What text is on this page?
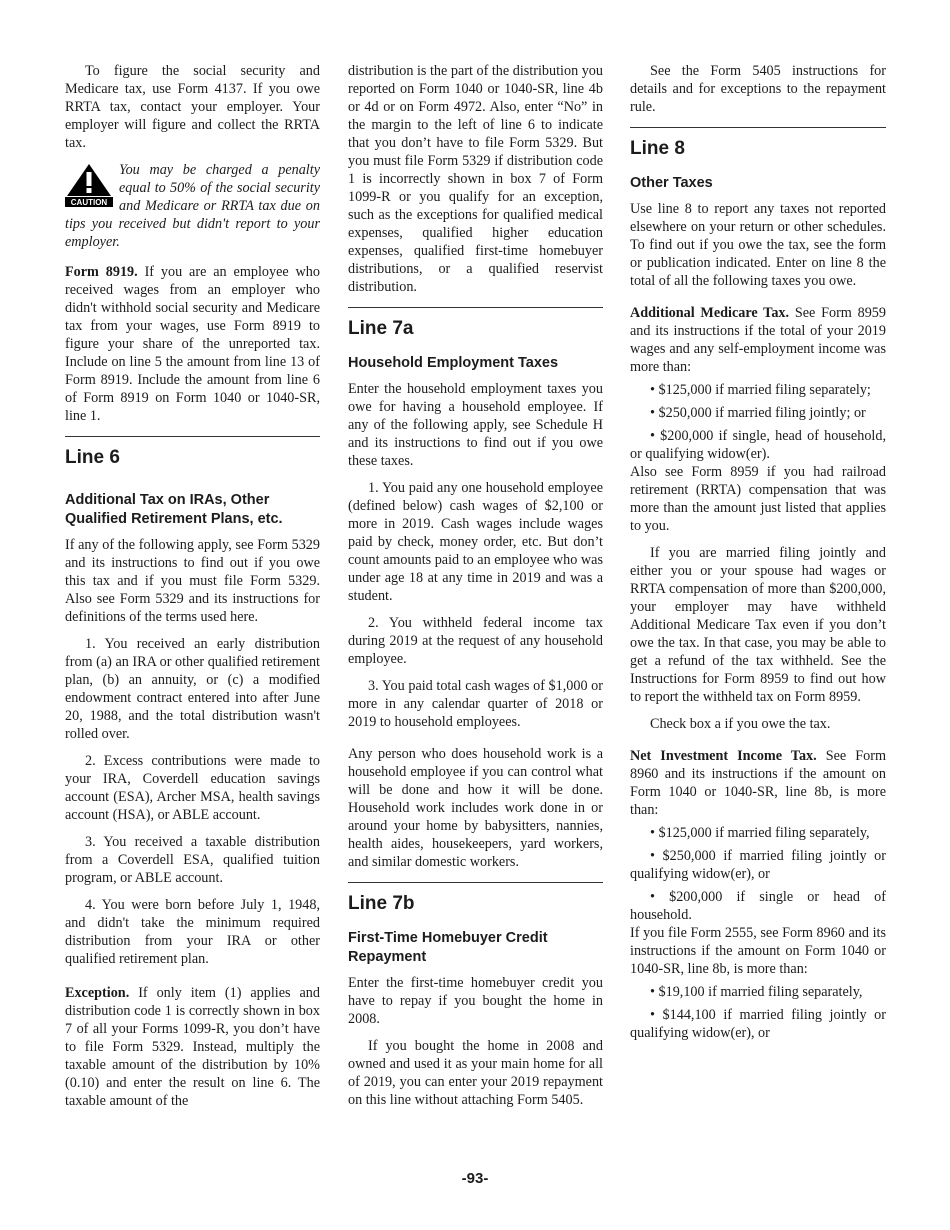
To figure the social security and Medicare tax, use Form 4137. If you owe RRTA tax, contact your employer. Your employer will figure and collect the RRTA tax.

CAUTION

You may be charged a penalty equal to 50% of the social security and Medicare or RRTA tax due on tips you received but didn't report to your employer.

Form 8919. If you are an employee who received wages from an employer who didn't withhold social security and Medicare tax from your wages, use Form 8919 to figure your share of the unreported tax. Include on line 5 the amount from line 13 of Form 8919. Include the amount from line 6 of Form 8919 on Form 1040 or 1040-SR, line 1.

Line 6
Additional Tax on IRAs, Other Qualified Retirement Plans, etc.

If any of the following apply, see Form 5329 and its instructions to find out if you owe this tax and if you must file Form 5329. Also see Form 5329 and its instructions for definitions of the terms used here.

1. You received an early distribution from (a) an IRA or other qualified retirement plan, (b) an annuity, or (c) a modified endowment contract entered into after June 20, 1988, and the total distribution wasn't rolled over.

2. Excess contributions were made to your IRA, Coverdell education savings account (ESA), Archer MSA, health savings account (HSA), or ABLE account.

3. You received a taxable distribution from a Coverdell ESA, qualified tuition program, or ABLE account.

4. You were born before July 1, 1948, and didn't take the minimum required distribution from your IRA or other qualified retirement plan.

Exception. If only item (1) applies and distribution code 1 is correctly shown in box 7 of all your Forms 1099-R, you don’t have to file Form 5329. Instead, multiply the taxable amount of the distribution by 10% (0.10) and enter the result on line 6. The taxable amount of the

distribution is the part of the distribution you reported on Form 1040 or 1040-SR, line 4b or 4d or on Form 4972. Also, enter “No” in the margin to the left of line 6 to indicate that you don’t have to file Form 5329. But you must file Form 5329 if distribution code 1 is incorrectly shown in box 7 of Form 1099-R or you qualify for an exception, such as the exceptions for qualified medical expenses, qualified higher education expenses, qualified first-time homebuyer distributions, or a qualified reservist distribution.

Line 7a
Household Employment Taxes

Enter the household employment taxes you owe for having a household employee. If any of the following apply, see Schedule H and its instructions to find out if you owe these taxes.

1. You paid any one household employee (defined below) cash wages of $2,100 or more in 2019. Cash wages include wages paid by check, money order, etc. But don’t count amounts paid to an employee who was under age 18 at any time in 2019 and was a student.

2. You withheld federal income tax during 2019 at the request of any household employee.

3. You paid total cash wages of $1,000 or more in any calendar quarter of 2018 or 2019 to household employees.

Any person who does household work is a household employee if you can control what will be done and how it will be done. Household work includes work done in or around your home by babysitters, nannies, health aides, housekeepers, yard workers, and similar domestic workers.

Line 7b
First-Time Homebuyer Credit Repayment

Enter the first-time homebuyer credit you have to repay if you bought the home in 2008.

If you bought the home in 2008 and owned and used it as your main home for all of 2019, you can enter your 2019 repayment on this line without attaching Form 5405.

See the Form 5405 instructions for details and for exceptions to the repayment rule.

Line 8
Other Taxes

Use line 8 to report any taxes not reported elsewhere on your return or other schedules. To find out if you owe the tax, see the form or publication indicated. Enter on line 8 the total of all the following taxes you owe.

Additional Medicare Tax. See Form 8959 and its instructions if the total of your 2019 wages and any self-employment income was more than:

• $125,000 if married filing separately;

• $250,000 if married filing jointly; or

• $200,000 if single, head of household, or qualifying widow(er).

Also see Form 8959 if you had railroad retirement (RRTA) compensation that was more than the amount just listed that applies to you.

If you are married filing jointly and either you or your spouse had wages or RRTA compensation of more than $200,000, your employer may have withheld Additional Medicare Tax even if you don’t owe the tax. In that case, you may be able to get a refund of the tax withheld. See the Instructions for Form 8959 to find out how to report the withheld tax on Form 8959.

Check box a if you owe the tax.

Net Investment Income Tax. See Form 8960 and its instructions if the amount on Form 1040 or 1040-SR, line 8b, is more than:

• $125,000 if married filing separately,

• $250,000 if married filing jointly or qualifying widow(er), or

• $200,000 if single or head of household.

If you file Form 2555, see Form 8960 and its instructions if the amount on Form 1040 or 1040-SR, line 8b, is more than:

• $19,100 if married filing separately,

• $144,100 if married filing jointly or qualifying widow(er), or

-93-
